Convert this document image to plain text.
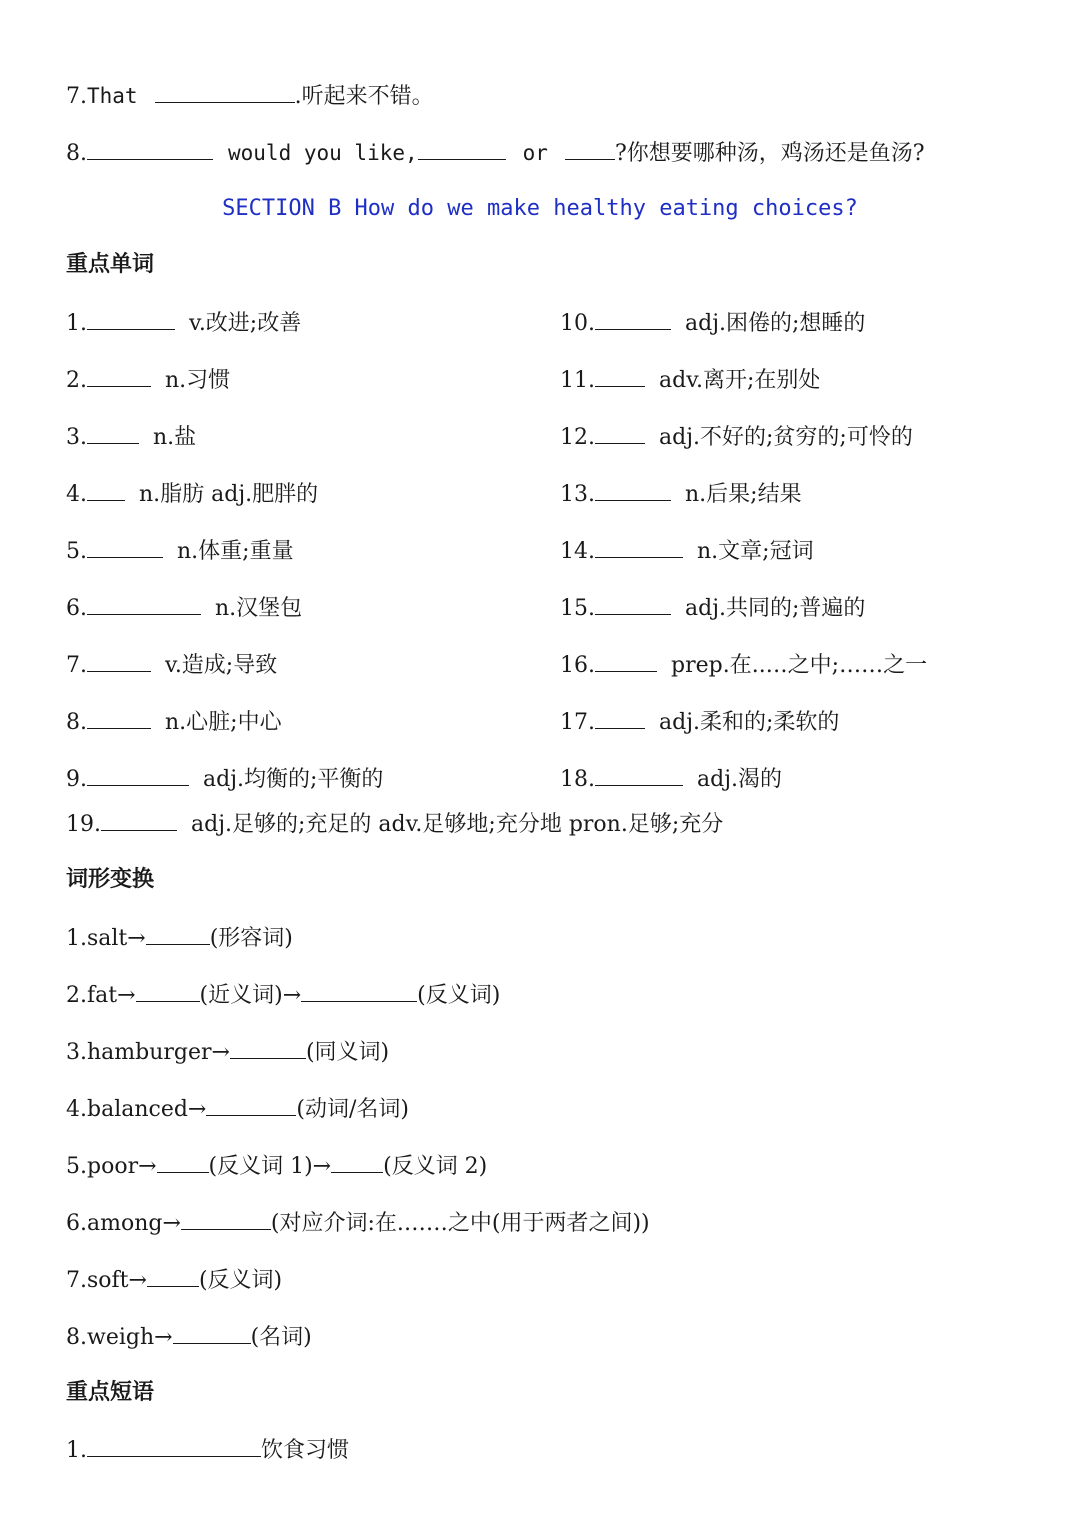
7.That	.听起来不错。
8.	would you like,	or	?你想要哪种汤，鸡汤还是鱼汤?
SECTION B How do we make healthy eating choices?
重点单词
1.	v.改进;改善
2.	n.习惯
3.	n.盐
4. n.脂肪 adj.肥胖的
5.	n.体重;重量
6.	n.汉堡包
7.	v.造成;导致
8.	n.心脏;中心
9.	adj.均衡的;平衡的
10.	adj.困倦的;想睡的
11.	adv.离开;在别处
12.	adj.不好的;贫穷的;可怜的
13.	n.后果;结果
14.	n.文章;冠词
15.	adj.共同的;普遍的
16.	prep.在..…之中;……之一
17.	adj.柔和的;柔软的
18.	adj.渴的
19.	adj.足够的;充足的 adv.足够地;充分地 pron.足够;充分
词形变换
1.salt→	(形容词)
2.fat→	(近义词)→	(反义词)
3.hamburger→	(同义词)
4.balanced→	(动词/名词)
5.poor→ (反义词 1)→ (反义词 2)
6.among→	(对应介词:在.……之中(用于两者之间))
7.soft→ (反义词)
8.weigh→	(名词)
重点短语
1.	饮食习惯
